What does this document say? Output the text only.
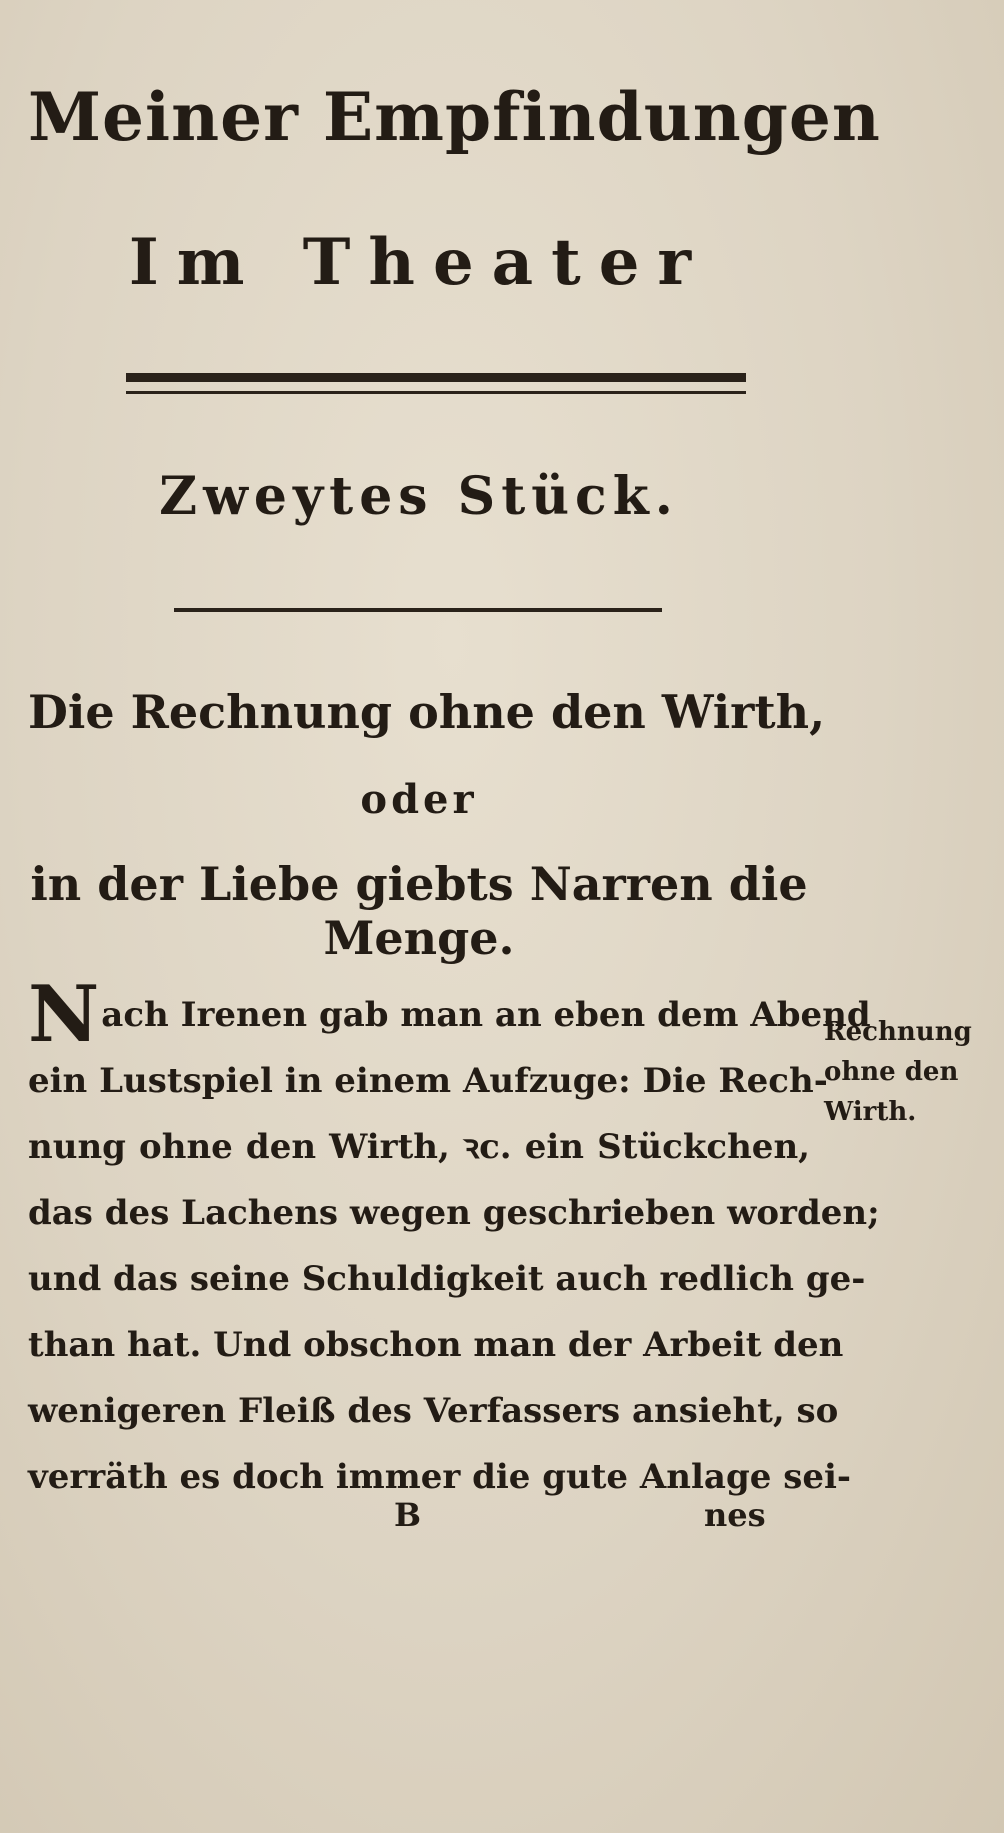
Meiner Empfindungen
Im Theater
Zweytes Stück.
Die Rechnung ohne den Wirth,
oder
in der Liebe giebts Narren die
Menge.
N ach Irenen gab man an eben dem Abend
ein Lustspiel in einem Aufzuge: Die Rech-
nung ohne den Wirth, ꝛc. ein Stückchen,
das des Lachens wegen geschrieben worden;
und das seine Schuldigkeit auch redlich ge-
than hat. Und obschon man der Arbeit den
wenigeren Fleiß des Verfassers ansieht, so
verräth es doch immer die gute Anlage sei-
B	nes
Rechnung
ohne den
Wirth.
